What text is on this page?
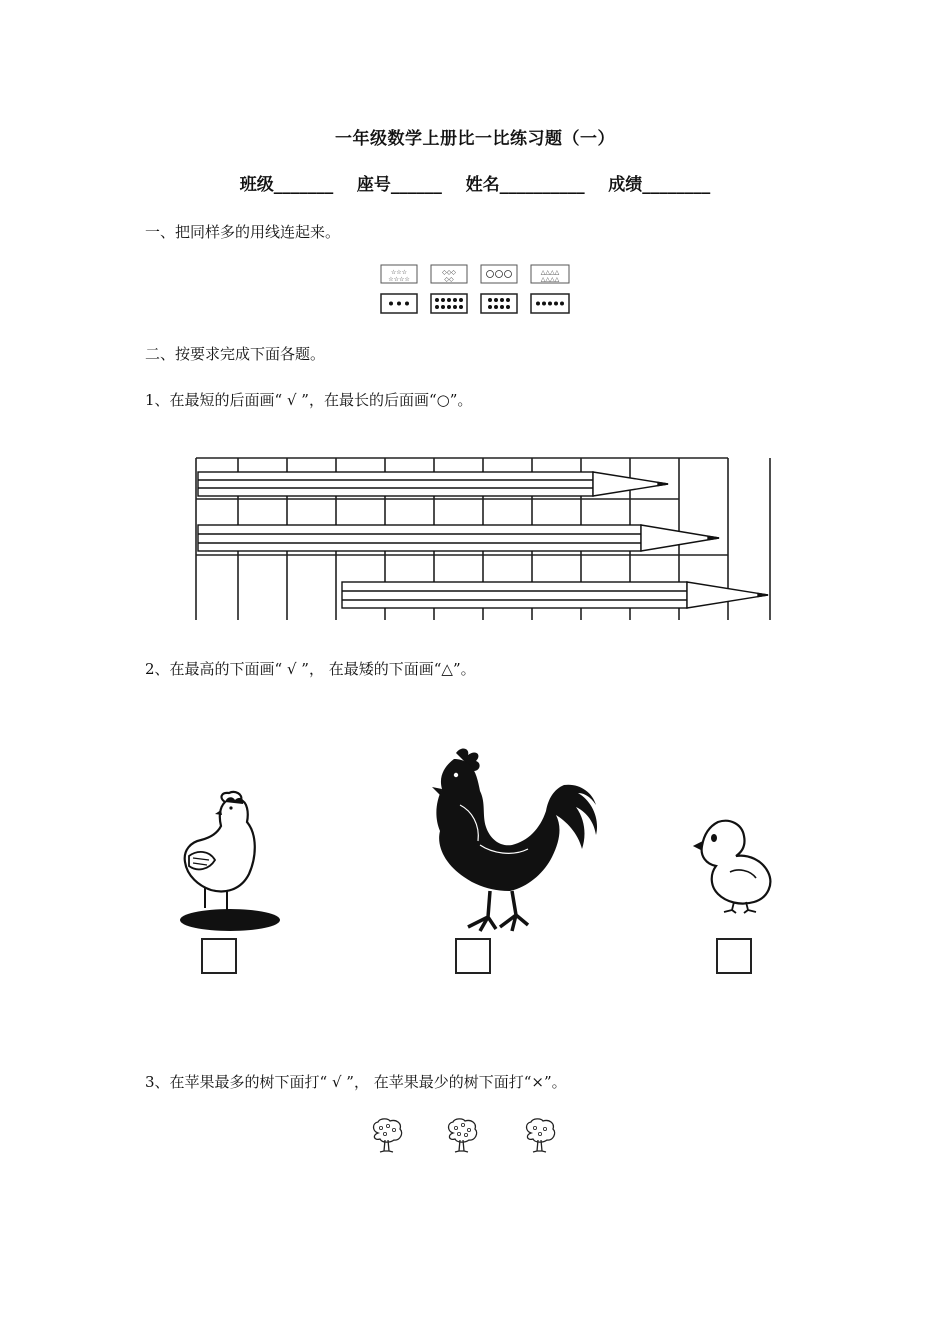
一年级数学上册比一比练习题（一）
班级_______    座号______    姓名__________    成绩________
一、把同样多的用线连起来。
☆☆☆
☆☆☆☆
◇◇◇
◇◇
△△△△
△△△△
二、按要求完成下面各题。
1、在最短的后面画“ √ ”，在最长的后面画“○”。
2、在最高的下面画“ √ ”， 在最矮的下面画“△”。
3、在苹果最多的树下面打“ √ ”， 在苹果最少的树下面打“×”。
